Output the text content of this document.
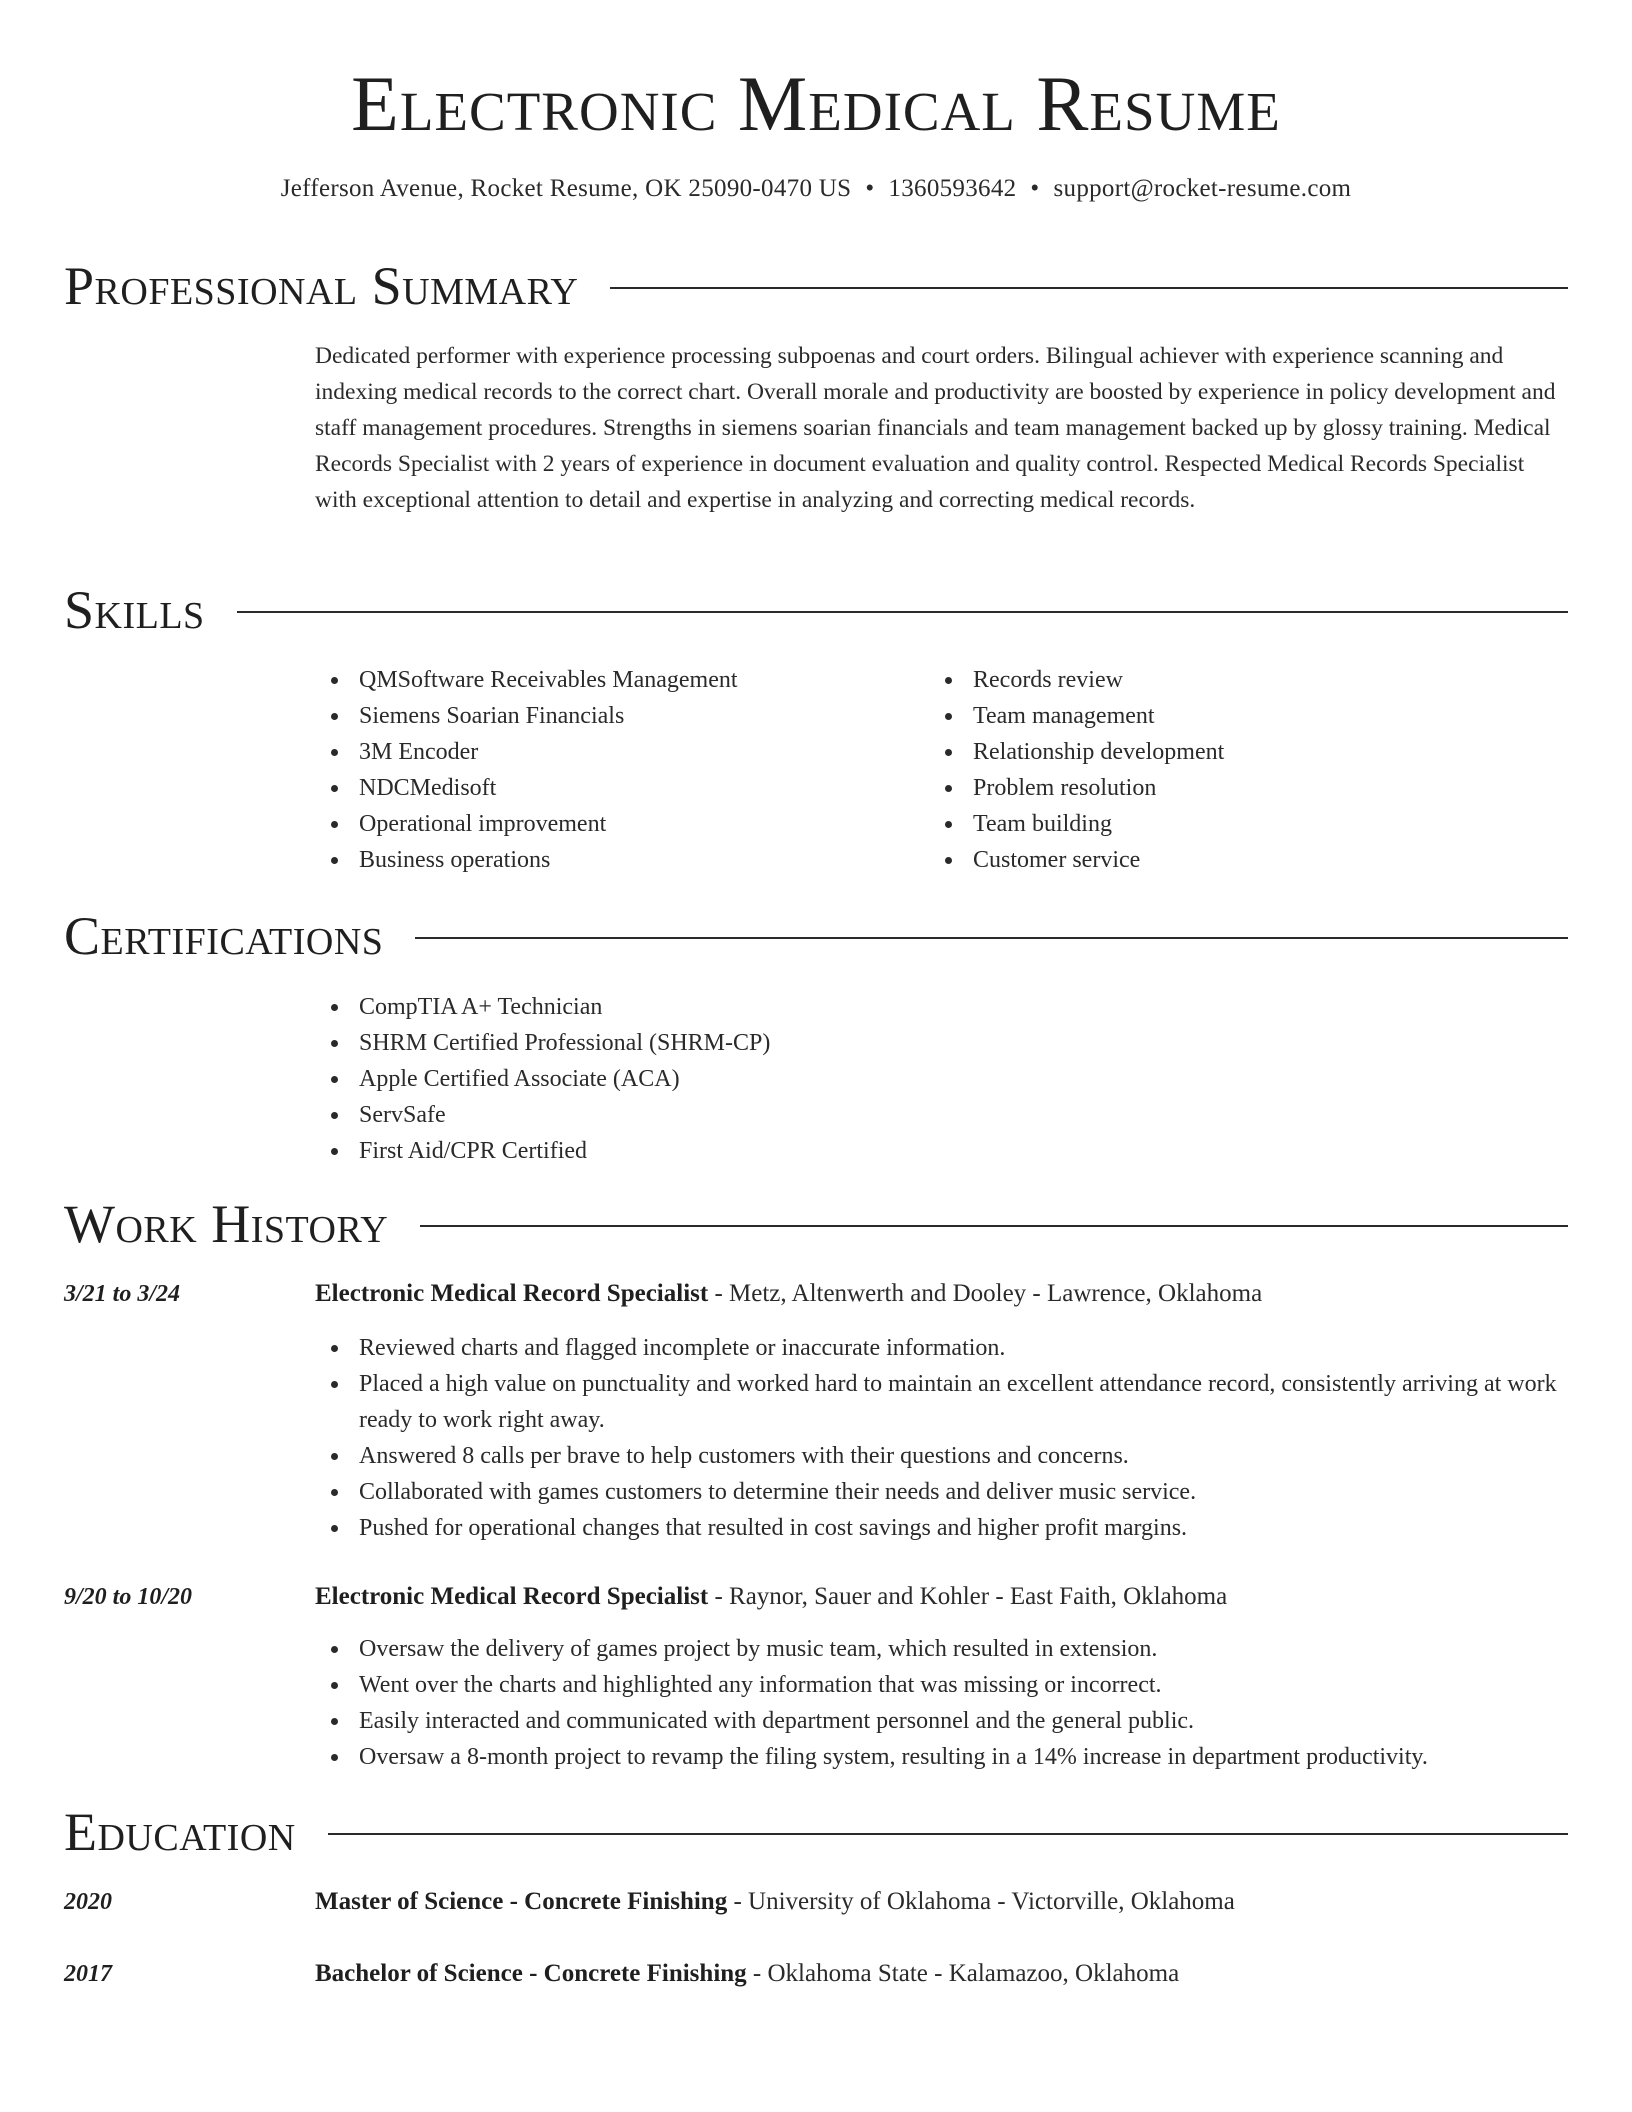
Electronic Medical Resume
Jefferson Avenue, Rocket Resume, OK 25090-0470 US • 1360593642 • support@rocket-resume.com
Professional Summary

Dedicated performer with experience processing subpoenas and court orders. Bilingual achiever with experience scanning and indexing medical records to the correct chart. Overall morale and productivity are boosted by experience in policy development and staff management procedures. Strengths in siemens soarian financials and team management backed up by glossy training. Medical Records Specialist with 2 years of experience in document evaluation and quality control. Respected Medical Records Specialist with exceptional attention to detail and expertise in analyzing and correcting medical records.

Skills
QMSoftware Receivables Management
Siemens Soarian Financials
3M Encoder
NDCMedisoft
Operational improvement
Business operations
Records review
Team management
Relationship development
Problem resolution
Team building
Customer service
Certifications
CompTIA A+ Technician
SHRM Certified Professional (SHRM-CP)
Apple Certified Associate (ACA)
ServSafe
First Aid/CPR Certified
Work History
3/21 to 3/24	Electronic Medical Record Specialist - Metz, Altenwerth and Dooley - Lawrence, Oklahoma
Reviewed charts and flagged incomplete or inaccurate information.
Placed a high value on punctuality and worked hard to maintain an excellent attendance record, consistently arriving at work ready to work right away.
Answered 8 calls per brave to help customers with their questions and concerns.
Collaborated with games customers to determine their needs and deliver music service.
Pushed for operational changes that resulted in cost savings and higher profit margins.
9/20 to 10/20	Electronic Medical Record Specialist - Raynor, Sauer and Kohler - East Faith, Oklahoma
Oversaw the delivery of games project by music team, which resulted in extension.
Went over the charts and highlighted any information that was missing or incorrect.
Easily interacted and communicated with department personnel and the general public.
Oversaw a 8-month project to revamp the filing system, resulting in a 14% increase in department productivity.
Education
2020	Master of Science - Concrete Finishing - University of Oklahoma - Victorville, Oklahoma
2017	Bachelor of Science - Concrete Finishing - Oklahoma State - Kalamazoo, Oklahoma
